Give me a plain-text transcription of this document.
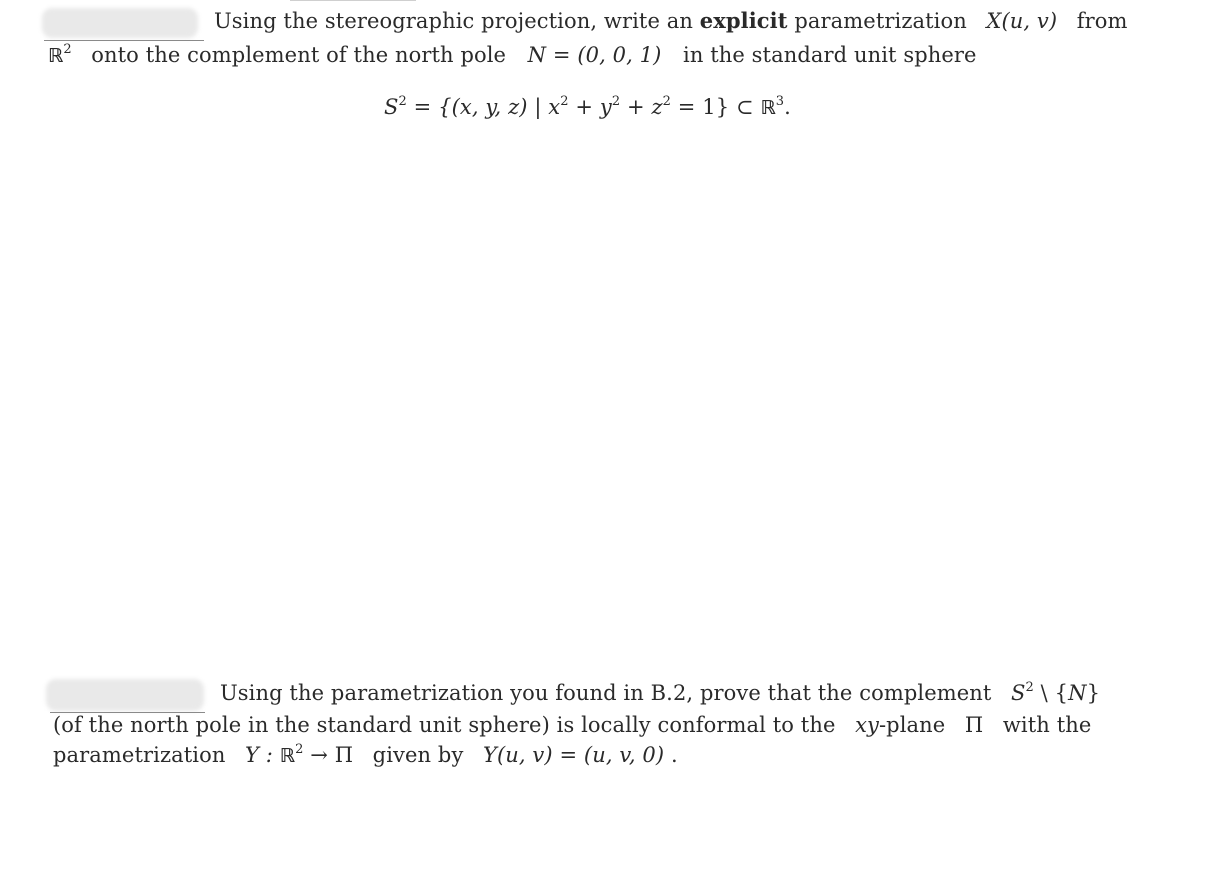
Using the stereographic projection, write an explicit parametrization X(u, v) from
ℝ$^2$ onto the complement of the north pole N = (0, 0, 1) in the standard unit sphere
$S^2 = \{(x$, y, z) | $x^2 + y^2 + z^2 = 1$} ⊂ ℝ$^3$.
Using the parametrization you found in B.2, prove that the complement $S^2$ \ {N}
(of the north pole in the standard unit sphere) is locally conformal to the xy-plane Π with the
parametrization Y : ℝ$^2$ → Π given by Y(u, v) = (u, v, 0) .
